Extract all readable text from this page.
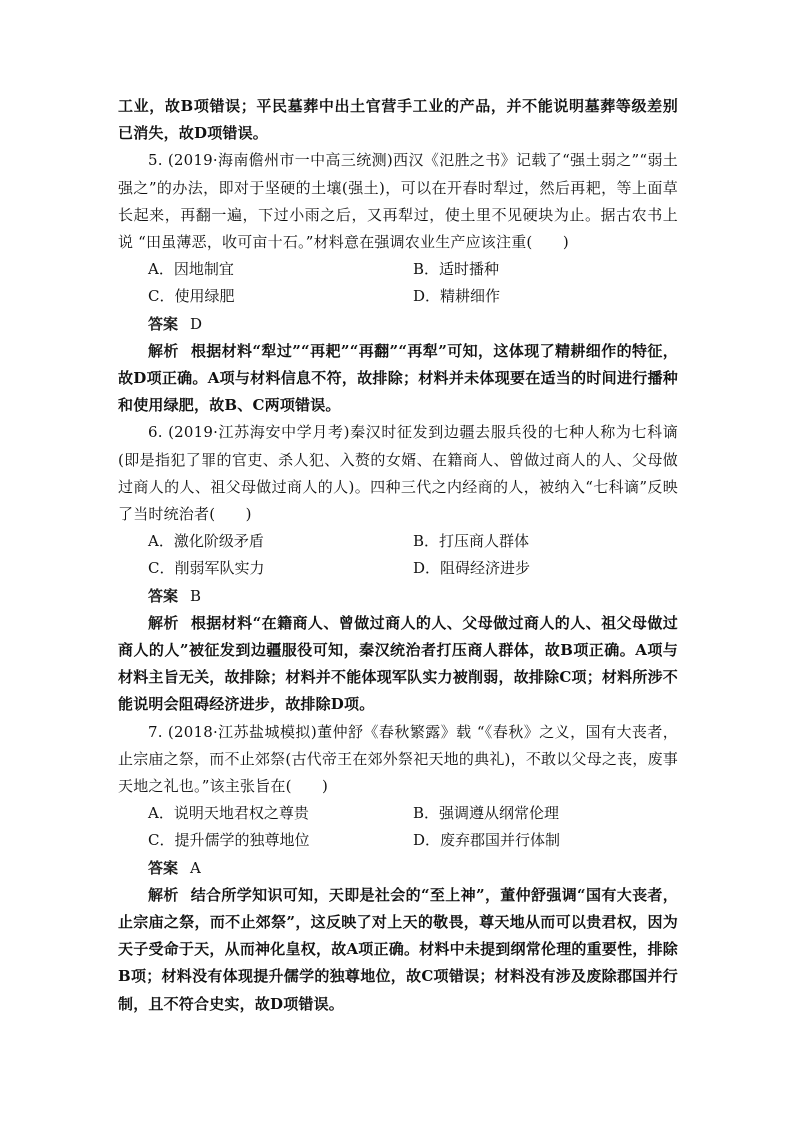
工业，故B项错误；平民墓葬中出土官营手工业的产品，并不能说明墓葬等级差别已消失，故D项错误。

5. (2019·海南儋州市一中高三统测)西汉《氾胜之书》记载了“强土弱之”“弱土强之”的办法，即对于坚硬的土壤(强土)，可以在开春时犁过，然后再耙，等上面草长起来，再翻一遍，下过小雨之后，又再犁过，使土里不见硬块为止。据古农书上说 “田虽薄恶，收可亩十石。”材料意在强调农业生产应该注重(　　)

A．因地制宜	B．适时播种
C．使用绿肥	D．精耕细作
答案 D

解析 根据材料“犁过”“再耙”“再翻”“再犁”可知，这体现了精耕细作的特征，故D项正确。A项与材料信息不符，故排除；材料并未体现要在适当的时间进行播种和使用绿肥，故B、C两项错误。

6. (2019·江苏海安中学月考)秦汉时征发到边疆去服兵役的七种人称为七科谪(即是指犯了罪的官吏、杀人犯、入赘的女婿、在籍商人、曾做过商人的人、父母做过商人的人、祖父母做过商人的人)。四种三代之内经商的人，被纳入“七科谪”反映了当时统治者(　　)

A．激化阶级矛盾	B．打压商人群体
C．削弱军队实力	D．阻碍经济进步
答案 B

解析 根据材料“在籍商人、曾做过商人的人、父母做过商人的人、祖父母做过商人的人”被征发到边疆服役可知，秦汉统治者打压商人群体，故B项正确。A项与材料主旨无关，故排除；材料并不能体现军队实力被削弱，故排除C项；材料所涉不能说明会阻碍经济进步，故排除D项。

7. (2018·江苏盐城模拟)董仲舒《春秋繁露》载 “《春秋》之义，国有大丧者，止宗庙之祭，而不止郊祭(古代帝王在郊外祭祀天地的典礼)，不敢以父母之丧，废事天地之礼也。”该主张旨在(　　)

A．说明天地君权之尊贵	B．强调遵从纲常伦理
C．提升儒学的独尊地位	D．废弃郡国并行体制
答案 A

解析 结合所学知识可知，天即是社会的“至上神”，董仲舒强调“国有大丧者，止宗庙之祭，而不止郊祭”，这反映了对上天的敬畏，尊天地从而可以贵君权，因为天子受命于天，从而神化皇权，故A项正确。材料中未提到纲常伦理的重要性，排除B项；材料没有体现提升儒学的独尊地位，故C项错误；材料没有涉及废除郡国并行制，且不符合史实，故D项错误。
